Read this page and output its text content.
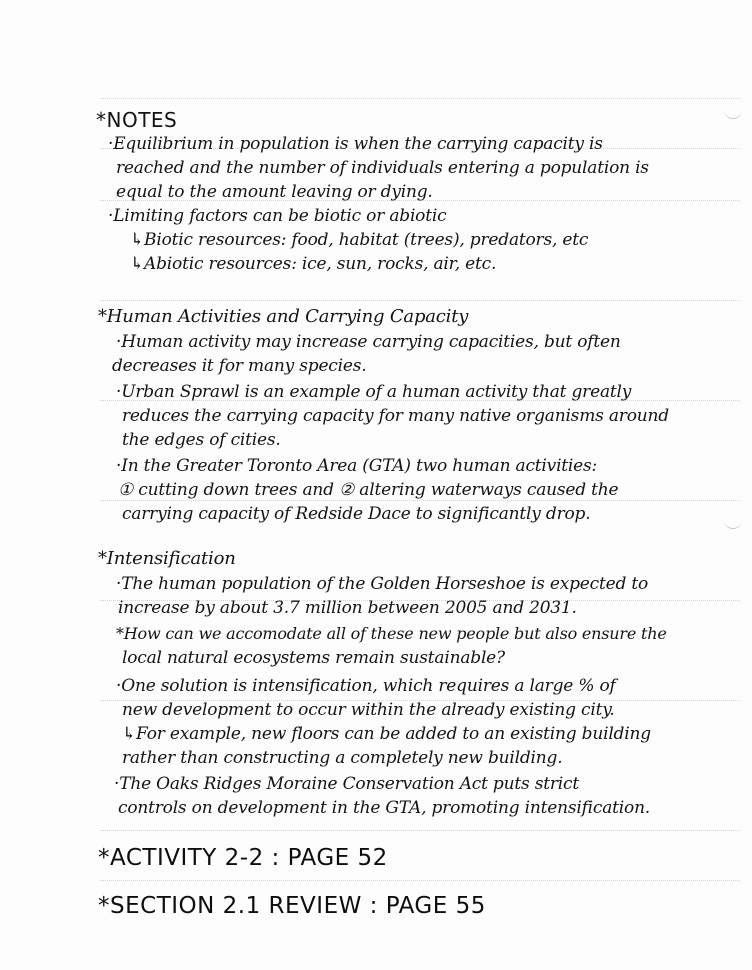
*NOTES
·Equilibrium in population is when the carrying capacity is
reached and the number of individuals entering a population is
equal to the amount leaving or dying.
·Limiting factors can be biotic or abiotic
↳Biotic resources: food, habitat (trees), predators, etc
↳Abiotic resources: ice, sun, rocks, air, etc.
*Human Activities and Carrying Capacity
·Human activity may increase carrying capacities, but often
decreases it for many species.
·Urban Sprawl is an example of a human activity that greatly
reduces the carrying capacity for many native organisms around
the edges of cities.
·In the Greater Toronto Area (GTA) two human activities:
① cutting down trees and ② altering waterways caused the
carrying capacity of Redside Dace to significantly drop.
*Intensification
·The human population of the Golden Horseshoe is expected to
increase by about 3.7 million between 2005 and 2031.
*How can we accomodate all of these new people but also ensure the
local natural ecosystems remain sustainable?
·One solution is intensification, which requires a large % of
new development to occur within the already existing city.
↳For example, new floors can be added to an existing building
rather than constructing a completely new building.
·The Oaks Ridges Moraine Conservation Act puts strict
controls on development in the GTA, promoting intensification.
*ACTIVITY 2-2 : PAGE 52
*SECTION 2.1 REVIEW : PAGE 55
